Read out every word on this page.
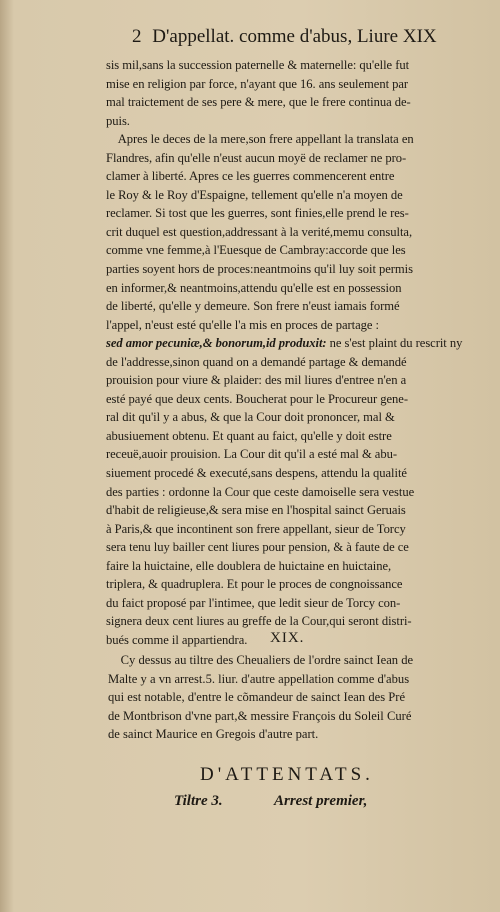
2 D'appellat. comme d'abus, Liure XIX
sis mil,sans la succession paternelle & maternelle: qu'elle fut
mise en religion par force, n'ayant que 16. ans seulement par
mal traictement de ses pere & mere, que le frere continua de-
puis.
Apres le deces de la mere,son frere appellant la translata en
Flandres, afin qu'elle n'eust aucun moyë de reclamer ne pro-
clamer à liberté. Apres ce les guerres commencerent entre
le Roy & le Roy d'Espaigne, tellement qu'elle n'a moyen de
reclamer. Si tost que les guerres, sont finies,elle prend le res-
crit duquel est question,addressant à la verité,memu consulta,
comme vne femme,à l'Euesque de Cambray:accorde que les
parties soyent hors de proces:neantmoins qu'il luy soit permis
en informer,& neantmoins,attendu qu'elle est en possession
de liberté, qu'elle y demeure. Son frere n'eust iamais formé
l'appel, n'eust esté qu'elle l'a mis en proces de partage :
sed amor pecuniæ,& bonorum,id produxit: ne s'est plaint du rescrit ny
de l'addresse,sinon quand on a demandé partage & demandé
prouision pour viure & plaider: des mil liures d'entree n'en a
esté payé que deux cents. Boucherat pour le Procureur gene-
ral dit qu'il y a abus, & que la Cour doit prononcer, mal &
abusiuement obtenu. Et quant au faict, qu'elle y doit estre
receuë,auoir prouision. La Cour dit qu'il a esté mal & abu-
siuement procedé & executé,sans despens, attendu la qualité
des parties : ordonne la Cour que ceste damoiselle sera vestue
d'habit de religieuse,& sera mise en l'hospital sainct Geruais
à Paris,& que incontinent son frere appellant, sieur de Torcy
sera tenu luy bailler cent liures pour pension, & à faute de ce
faire la huictaine, elle doublera de huictaine en huictaine,
triplera, & quadruplera. Et pour le proces de congnoissance
du faict proposé par l'intimee, que ledit sieur de Torcy con-
signera deux cent liures au greffe de la Cour,qui seront distri-
bués comme il appartiendra.	XIX.
Cy dessus au tiltre des Cheualiers de l'ordre sainct Iean de
Malte y a vn arrest.5. liur. d'autre appellation comme d'abus
qui est notable, d'entre le cõmandeur de sainct Iean des Pré
de Montbrison d'vne part,& messire François du Soleil Curé
de sainct Maurice en Gregois d'autre part.
D'ATTENTATS.
Tiltre 3.	Arrest premier,
